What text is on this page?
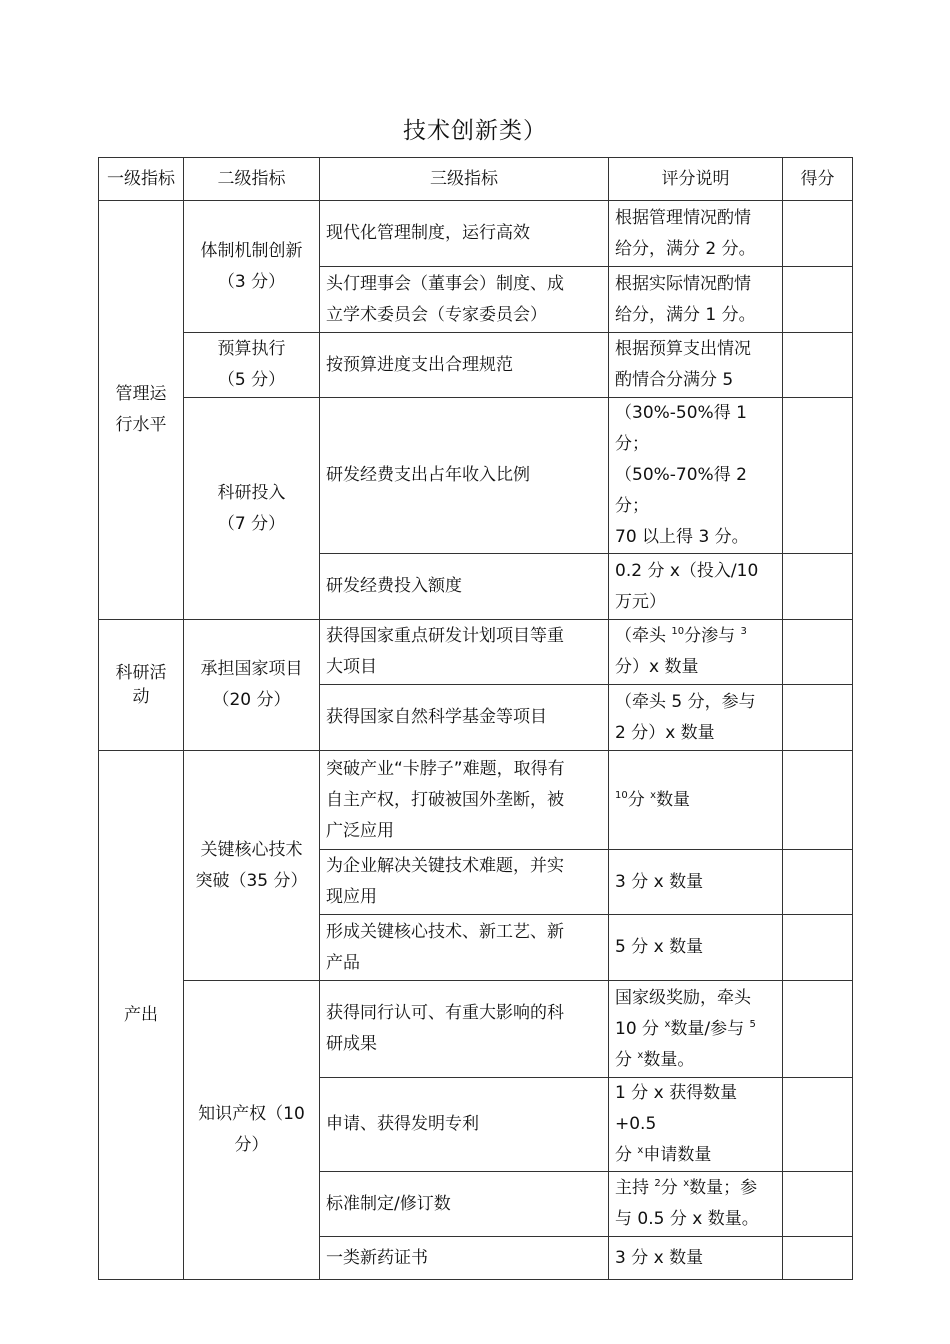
技术创新类）
一级指标	二级指标	三级指标	评分说明	得分

管理运行水平	体制机制创新
（3 分）	现代化管理制度，运行高效	根据管理情况酌情
给分，满分 2 分。	

		头仃理事会（董事会）制度、成
立学术委员会（专家委员会）	根据实际情况酌情
给分，满分 1 分。	

	预算执行
（5 分）	按预算进度支出合理规范	根据预算支出情况
酌情合分满分 5	

	科研投入
（7 分）	研发经费支出占年收入比例	（30%-50%得 1 分；
（50%-70%得 2 分；
70 以上得 3 分。	

		研发经费投入额度	0.2 分 x（投入/10
万元）	

科研活动	承担国家项目
（20 分）	获得国家重点研发计划项目等重
大项目	（牵头 $^{10}$分渗与 $^3$
分）x 数量	

		获得国家自然科学基金等项目	（牵头 5 分，参与
2 分）x 数量	

产出	关键核心技术
突破（35 分）	突破产业“卡脖子”难题，取得有
自主产权，打破被国外垄断，被
广泛应用	$^{10}$分 $^x$数量	

		为企业解决关键技术难题，并实
现应用	3 分 x 数量	

		形成关键核心技术、新工艺、新
产品	5 分 x 数量	

	知识产权（10
分）	获得同行认可、有重大影响的科
研成果	国家级奖励，牵头
10 分 $^x$数量/参与 $^5$
分 $^x$数量。	

		申请、获得发明专利	1 分 x 获得数量+0.5
分 $^x$申请数量	

		标准制定/修订数	主持 $^2$分 $^x$数量；参
与 0.5 分 x 数量。	

		一类新药证书	3 分 x 数量	
